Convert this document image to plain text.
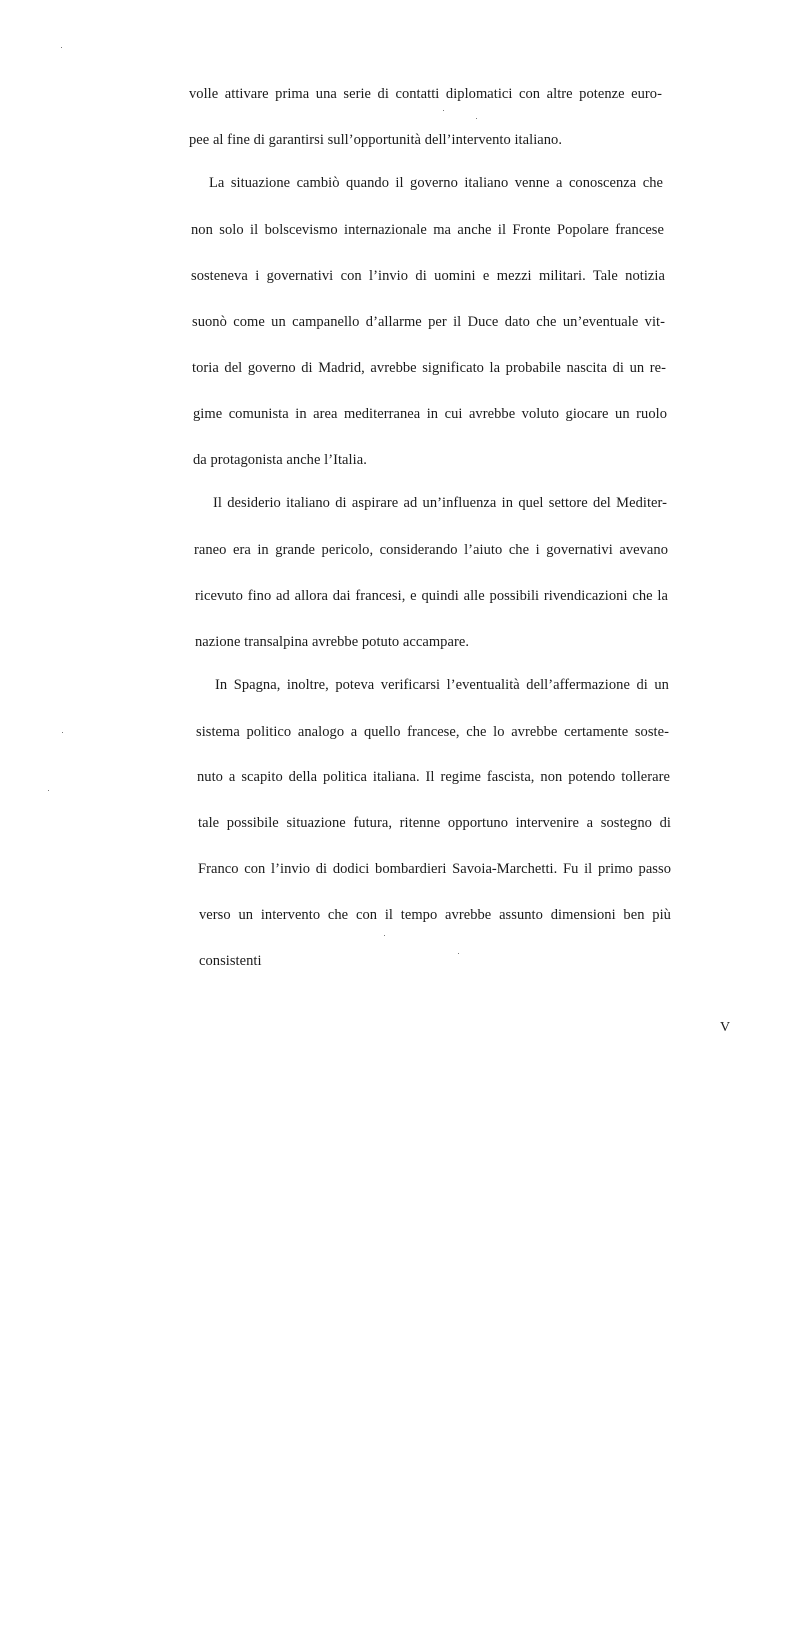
volle attivare prima una serie di contatti diplomatici con altre potenze euro-

pee al fine di garantirsi sull’opportunità dell’intervento italiano.

La situazione cambiò quando il governo italiano venne a conoscenza che

non solo il bolscevismo internazionale ma anche il Fronte Popolare francese

sosteneva i governativi con l’invio di uomini e mezzi militari. Tale notizia

suonò come un campanello d’allarme per il Duce dato che un’eventuale vit-

toria del governo di Madrid, avrebbe significato la probabile nascita di un re-

gime comunista in area mediterranea in cui avrebbe voluto giocare un ruolo

da protagonista anche l’Italia.

Il desiderio italiano di aspirare ad un’influenza in quel settore del Mediter-

raneo era in grande pericolo, considerando l’aiuto che i governativi avevano

ricevuto fino ad allora dai francesi, e quindi alle possibili rivendicazioni che la

nazione transalpina avrebbe potuto accampare.

In Spagna, inoltre, poteva verificarsi l’eventualità dell’affermazione di un

sistema politico analogo a quello francese, che lo avrebbe certamente soste-

nuto a scapito della politica italiana. Il regime fascista, non potendo tollerare

tale possibile situazione futura, ritenne opportuno intervenire a sostegno di

Franco con l’invio di dodici bombardieri Savoia-Marchetti. Fu il primo passo

verso un intervento che con il tempo avrebbe assunto dimensioni ben più

consistenti

V
